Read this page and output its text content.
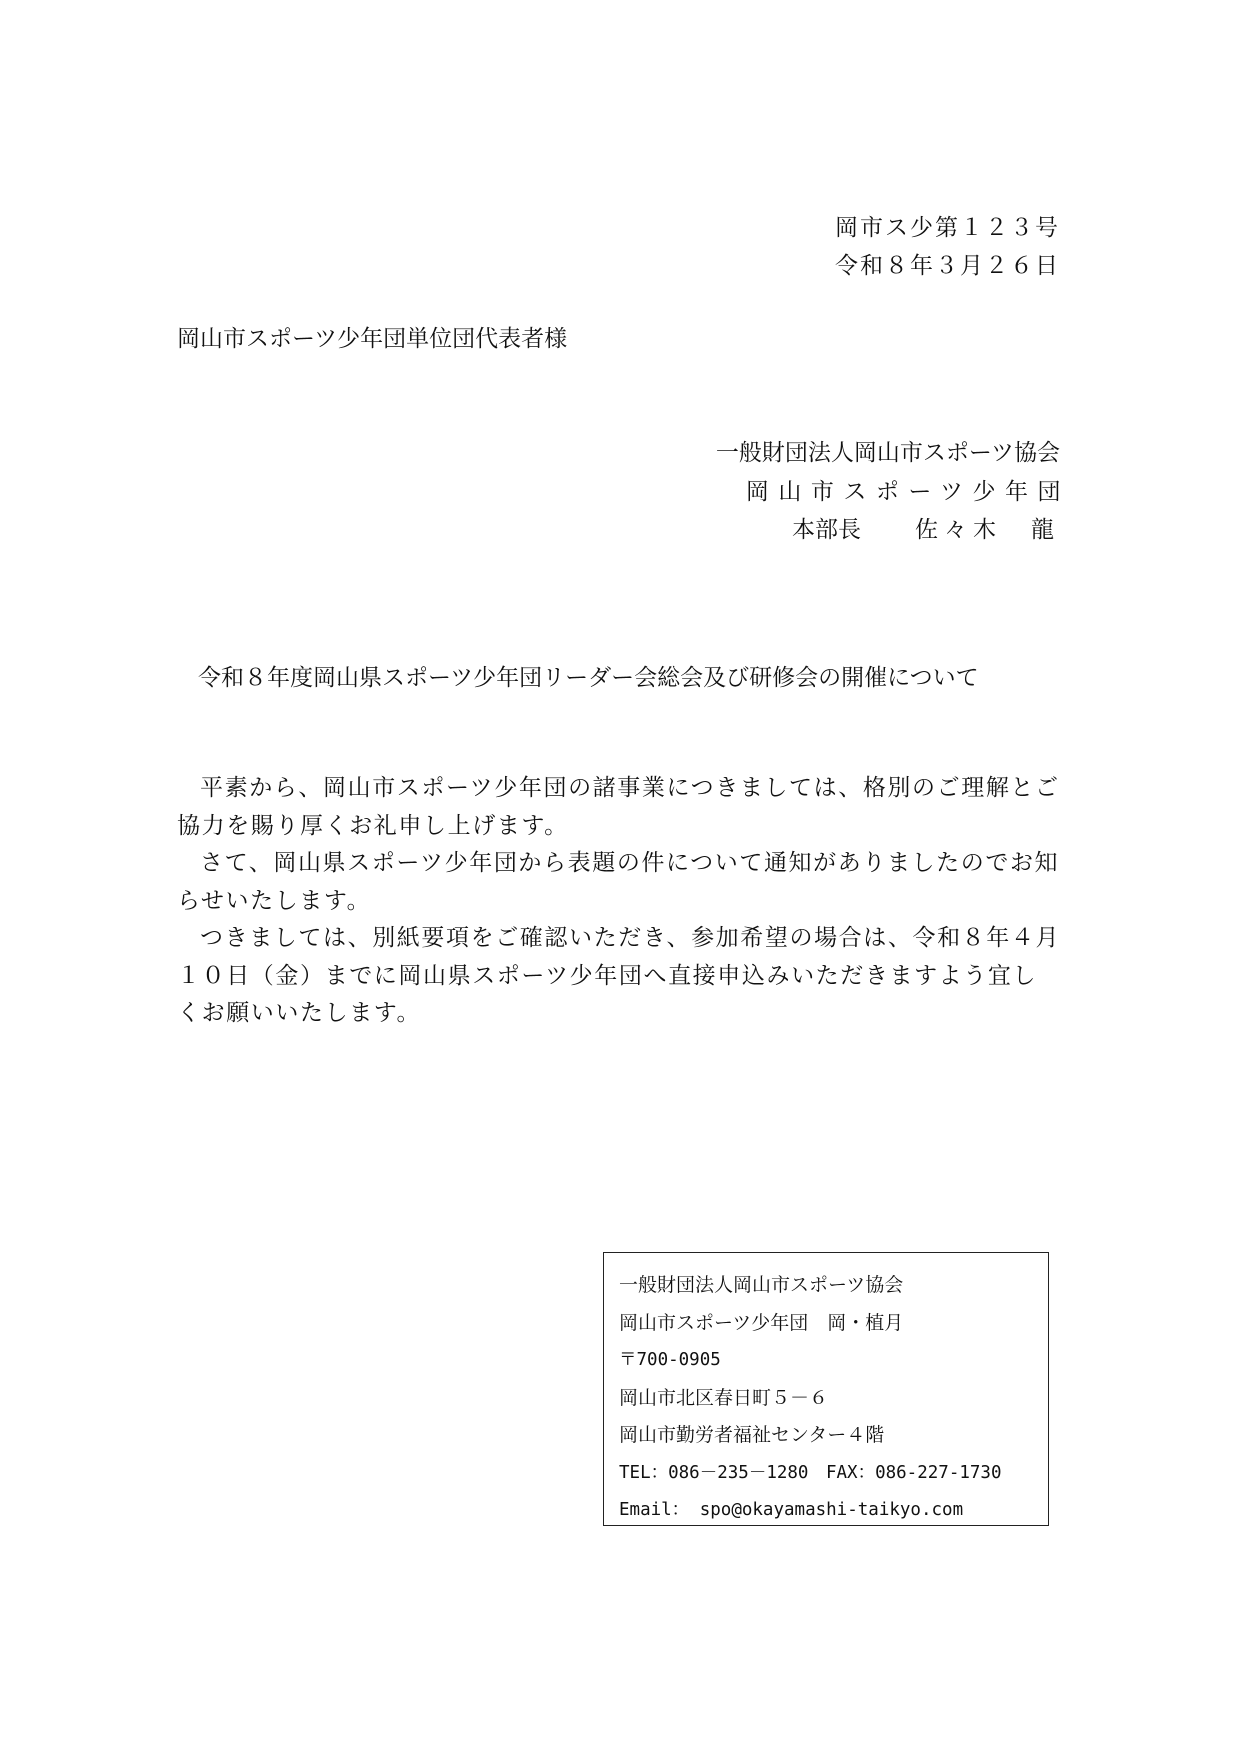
岡市ス少第１２３号
令和８年３月２６日
岡山市スポーツ少年団単位団代表者様
一般財団法人岡山市スポーツ協会
岡山市スポーツ少年団
本部長 佐々木　龍
令和８年度岡山県スポーツ少年団リーダー会総会及び研修会の開催について

平素から、岡山市スポーツ少年団の諸事業につきましては、格別のご理解とご協力を賜り厚くお礼申し上げます。

さて、岡山県スポーツ少年団から表題の件について通知がありましたのでお知らせいたします。

つきましては、別紙要項をご確認いただき、参加希望の場合は、令和８年４月１０日（金）までに岡山県スポーツ少年団へ直接申込みいただきますよう宜しくお願いいたします。

一般財団法人岡山市スポーツ協会
岡山市スポーツ少年団　岡・植月
〒700-0905
岡山市北区春日町５－６
岡山市勤労者福祉センター４階
TEL：086－235－1280　FAX：086-227-1730
Email： spo@okayamashi-taikyo.com
